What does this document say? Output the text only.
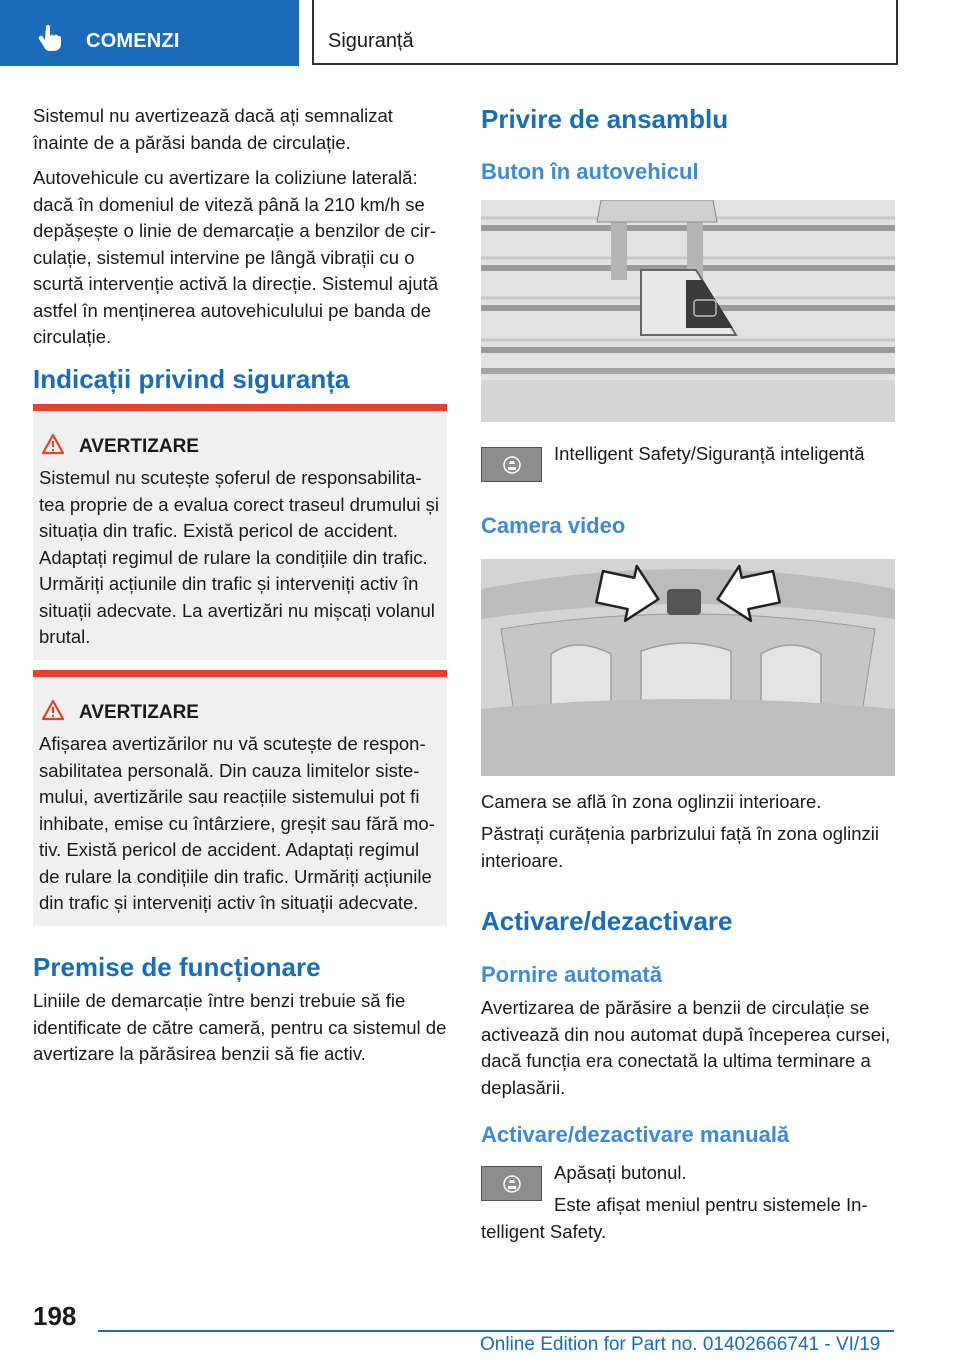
COMENZI	Siguranță

Sistemul nu avertizează dacă ați semnalizat înainte de a părăsi banda de circulație.

Autovehicule cu avertizare la coliziune laterală: dacă în domeniul de viteză până la 210 km/h se depășește o linie de demarcație a benzilor de circulație, sistemul intervine pe lângă vibrații cu o scurtă intervenție activă la direcție. Sistemul ajută astfel în menținerea autovehiculului pe banda de circulație.

Indicații privind siguranța
AVERTIZARE

Sistemul nu scutește șoferul de responsabilitatea proprie de a evalua corect traseul drumului și situația din trafic. Există pericol de accident. Adaptați regimul de rulare la condițiile din trafic. Urmăriți acțiunile din trafic și interveniți activ în situații adecvate. La avertizări nu mișcați volanul brutal.

AVERTIZARE

Afișarea avertizărilor nu vă scutește de responsabilitatea personală. Din cauza limitelor sistemului, avertizările sau reacțiile sistemului pot fi inhibate, emise cu întârziere, greșit sau fără motiv. Există pericol de accident. Adaptați regimul de rulare la condițiile din trafic. Urmăriți acțiunile din trafic și interveniți activ în situații adecvate.

Premise de funcționare

Liniile de demarcație între benzi trebuie să fie identificate de către cameră, pentru ca sistemul de avertizare la părăsirea benzii să fie activ.

Privire de ansamblu
Buton în autovehicul

Intelligent Safety/Siguranță inteligentă

Camera video

Camera se află în zona oglinzii interioare.

Păstrați curățenia parbrizului față în zona oglinzii interioare.

Activare/dezactivare
Pornire automată

Avertizarea de părăsire a benzii de circulație se activează din nou automat după începerea cursei, dacă funcția era conectată la ultima terminare a deplasării.

Activare/dezactivare manuală

Apăsați butonul.

Este afișat meniul pentru sistemele Intelligent Safety.

198
Online Edition for Part no. 01402666741 - VI/19
